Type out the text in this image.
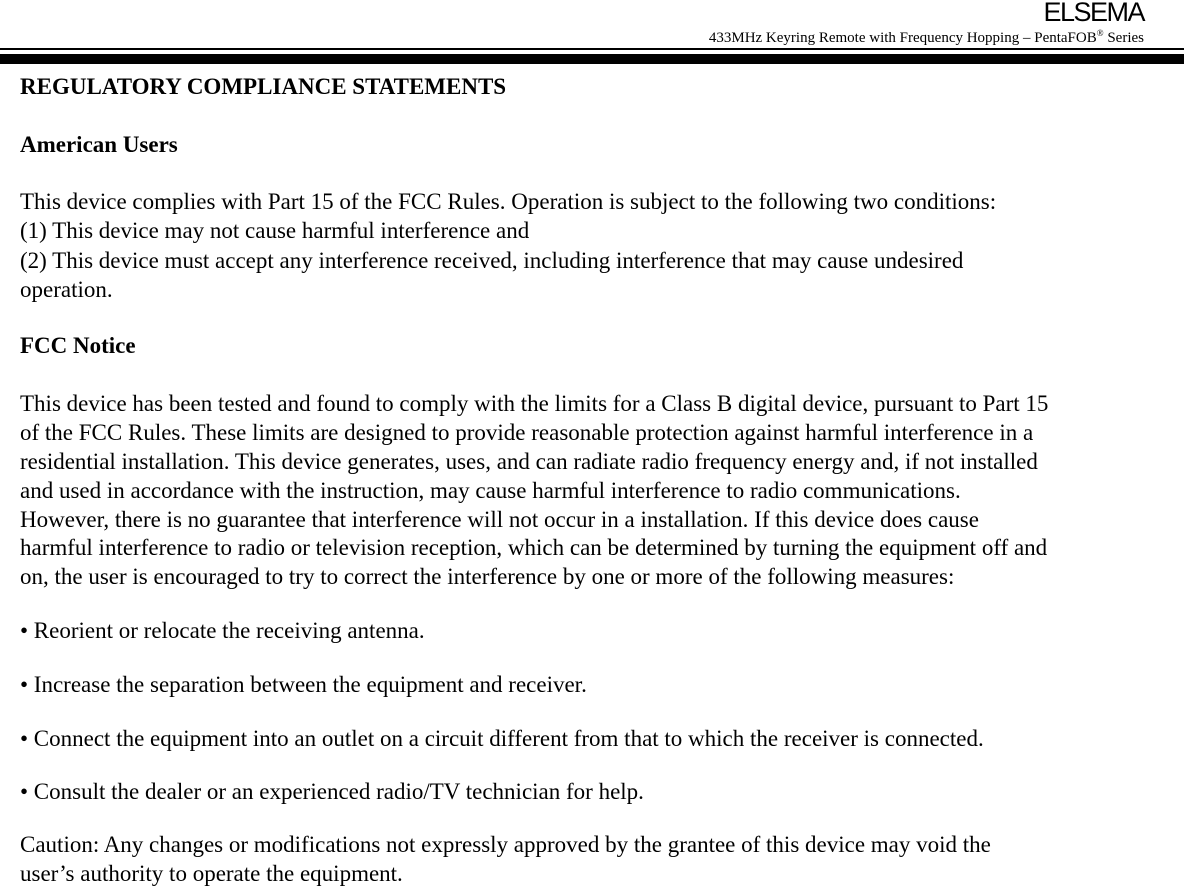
ELSEMA
433MHz Keyring Remote with Frequency Hopping – PentaFOB® Series
REGULATORY COMPLIANCE STATEMENTS
American Users
This device complies with Part 15 of the FCC Rules. Operation is subject to the following two conditions:
(1) This device may not cause harmful interference and
(2) This device must accept any interference received, including interference that may cause undesired
operation.
FCC Notice
This device has been tested and found to comply with the limits for a Class B digital device, pursuant to Part 15
of the FCC Rules. These limits are designed to provide reasonable protection against harmful interference in a
residential installation. This device generates, uses, and can radiate radio frequency energy and, if not installed
and used in accordance with the instruction, may cause harmful interference to radio communications.
However, there is no guarantee that interference will not occur in a installation. If this device does cause
harmful interference to radio or television reception, which can be determined by turning the equipment off and
on, the user is encouraged to try to correct the interference by one or more of the following measures:
• Reorient or relocate the receiving antenna.
• Increase the separation between the equipment and receiver.
• Connect the equipment into an outlet on a circuit different from that to which the receiver is connected.
• Consult the dealer or an experienced radio/TV technician for help.
Caution: Any changes or modifications not expressly approved by the grantee of this device may void the
user’s authority to operate the equipment.
